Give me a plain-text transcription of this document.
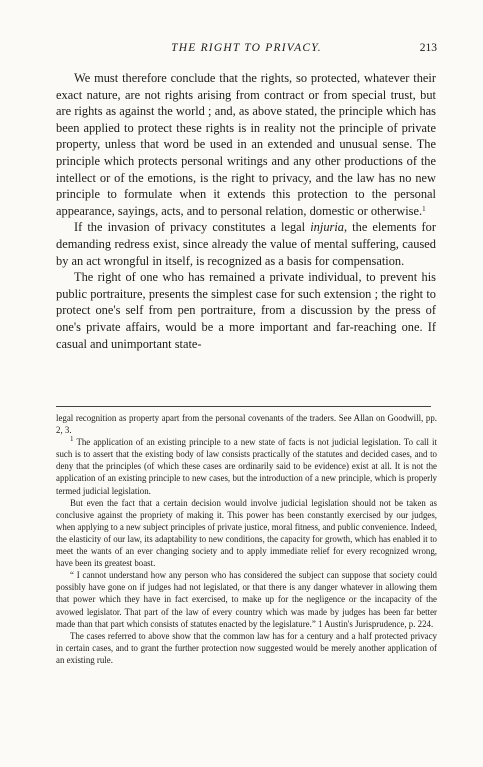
THE RIGHT TO PRIVACY.	213

We must therefore conclude that the rights, so protected, whatever their exact nature, are not rights arising from contract or from special trust, but are rights as against the world ; and, as above stated, the principle which has been applied to protect these rights is in reality not the principle of private property, unless that word be used in an extended and unusual sense. The principle which protects personal writings and any other productions of the intellect or of the emotions, is the right to privacy, and the law has no new principle to formulate when it extends this protection to the personal appearance, sayings, acts, and to personal relation, domestic or otherwise.$^1$

If the invasion of privacy constitutes a legal injuria, the elements for demanding redress exist, since already the value of mental suffering, caused by an act wrongful in itself, is recognized as a basis for compensation.

The right of one who has remained a private individual, to prevent his public portraiture, presents the simplest case for such extension ; the right to protect one's self from pen portraiture, from a discussion by the press of one's private affairs, would be a more important and far-reaching one. If casual and unimportant state-

legal recognition as property apart from the personal covenants of the traders. See Allan on Goodwill, pp. 2, 3.

$^1$ The application of an existing principle to a new state of facts is not judicial legislation. To call it such is to assert that the existing body of law consists practically of the statutes and decided cases, and to deny that the principles (of which these cases are ordinarily said to be evidence) exist at all. It is not the application of an existing principle to new cases, but the introduction of a new principle, which is properly termed judicial legislation.

But even the fact that a certain decision would involve judicial legislation should not be taken as conclusive against the propriety of making it. This power has been constantly exercised by our judges, when applying to a new subject principles of private justice, moral fitness, and public convenience. Indeed, the elasticity of our law, its adaptability to new conditions, the capacity for growth, which has enabled it to meet the wants of an ever changing society and to apply immediate relief for every recognized wrong, have been its greatest boast.

“ I cannot understand how any person who has considered the subject can suppose that society could possibly have gone on if judges had not legislated, or that there is any danger whatever in allowing them that power which they have in fact exercised, to make up for the negligence or the incapacity of the avowed legislator. That part of the law of every country which was made by judges has been far better made than that part which consists of statutes enacted by the legislature.” 1 Austin's Jurisprudence, p. 224.

The cases referred to above show that the common law has for a century and a half protected privacy in certain cases, and to grant the further protection now suggested would be merely another application of an existing rule.
